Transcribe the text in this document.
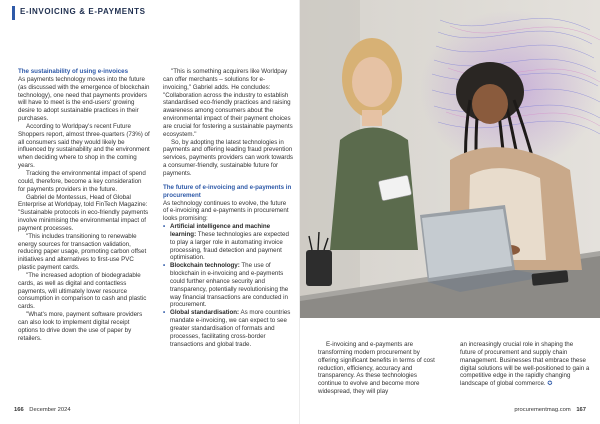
E-INVOICING & E-PAYMENTS

The sustainability of using e-invoices

As payments technology moves into the future (as discussed with the emergence of blockchain technology), one need that payments providers will have to meet is the end-users' growing desire to adopt sustainable practices in their purchases.

According to Worldpay's recent Future Shoppers report, almost three-quarters (73%) of all consumers said they would likely be influenced by sustainability and the environment when deciding where to shop in the coming years.

Tracking the environmental impact of spend could, therefore, become a key consideration for payments providers in the future.

Gabriel de Montessus, Head of Global Enterprise at Worldpay, told FinTech Magazine: "Sustainable protocols in eco-friendly payments involve minimising the environmental impact of payment processes.

"This includes transitioning to renewable energy sources for transaction validation, reducing paper usage, promoting carbon offset initiatives and alternatives to first-use PVC plastic payment cards.

"The increased adoption of biodegradable cards, as well as digital and contactless payments, will ultimately lower resource consumption in comparison to cash and plastic cards.

"What's more, payment software providers can also look to implement digital receipt options to drive down the use of paper by retailers.

"This is something acquirers like Worldpay can offer merchants – solutions for e-invoicing," Gabriel adds. He concludes: "Collaboration across the industry to establish standardised eco-friendly practices and raising awareness among consumers about the environmental impact of their payment choices are crucial for fostering a sustainable payments ecosystem."

So, by adopting the latest technologies in payments and offering leading fraud prevention services, payments providers can work towards a consumer-friendly, sustainable future for payments.

The future of e-invoicing and e-payments in procurement

As technology continues to evolve, the future of e-invoicing and e-payments in procurement looks promising:

• Artificial intelligence and machine learning: These technologies are expected to play a larger role in automating invoice processing, fraud detection and payment optimisation.

• Blockchain technology: The use of blockchain in e-invoicing and e-payments could further enhance security and transparency, potentially revolutionising the way financial transactions are conducted in procurement.

• Global standardisation: As more countries mandate e-invoicing, we can expect to see greater standardisation of formats and processes, facilitating cross-border transactions and global trade.

166 December 2024

E-invoicing and e-payments are transforming modern procurement by offering significant benefits in terms of cost reduction, efficiency, accuracy and transparency. As these technologies continue to evolve and become more widespread, they will play

an increasingly crucial role in shaping the future of procurement and supply chain management. Businesses that embrace these digital solutions will be well-positioned to gain a competitive edge in the rapidly changing landscape of global commerce. ✪

procurementmag.com 167
